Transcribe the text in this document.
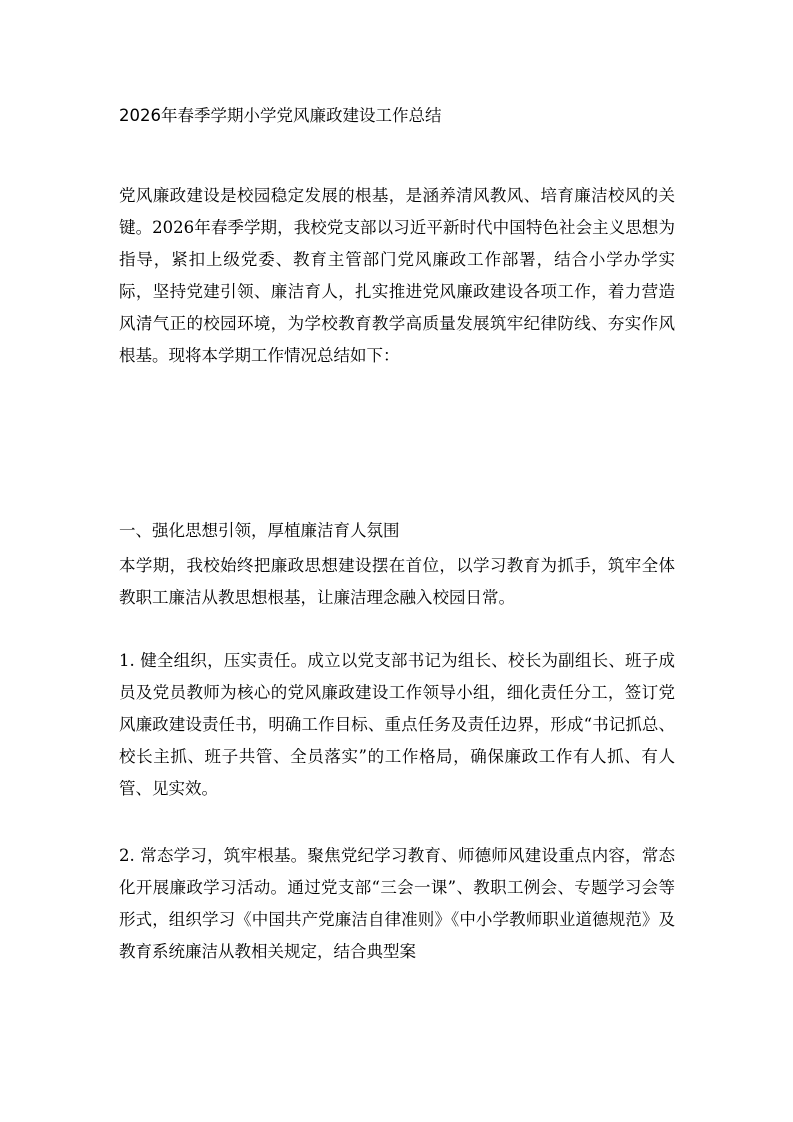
2026年春季学期小学党风廉政建设工作总结

党风廉政建设是校园稳定发展的根基，是涵养清风教风、培育廉洁校风的关键。2026年春季学期，我校党支部以习近平新时代中国特色社会主义思想为指导，紧扣上级党委、教育主管部门党风廉政工作部署，结合小学办学实际，坚持党建引领、廉洁育人，扎实推进党风廉政建设各项工作，着力营造风清气正的校园环境，为学校教育教学高质量发展筑牢纪律防线、夯实作风根基。现将本学期工作情况总结如下：

一、强化思想引领，厚植廉洁育人氛围

本学期，我校始终把廉政思想建设摆在首位，以学习教育为抓手，筑牢全体教职工廉洁从教思想根基，让廉洁理念融入校园日常。

1. 健全组织，压实责任。成立以党支部书记为组长、校长为副组长、班子成员及党员教师为核心的党风廉政建设工作领导小组，细化责任分工，签订党风廉政建设责任书，明确工作目标、重点任务及责任边界，形成“书记抓总、校长主抓、班子共管、全员落实”的工作格局，确保廉政工作有人抓、有人管、见实效。

2. 常态学习，筑牢根基。聚焦党纪学习教育、师德师风建设重点内容，常态化开展廉政学习活动。通过党支部“三会一课”、教职工例会、专题学习会等形式，组织学习《中国共产党廉洁自律准则》《中小学教师职业道德规范》及教育系统廉洁从教相关规定，结合典型案
